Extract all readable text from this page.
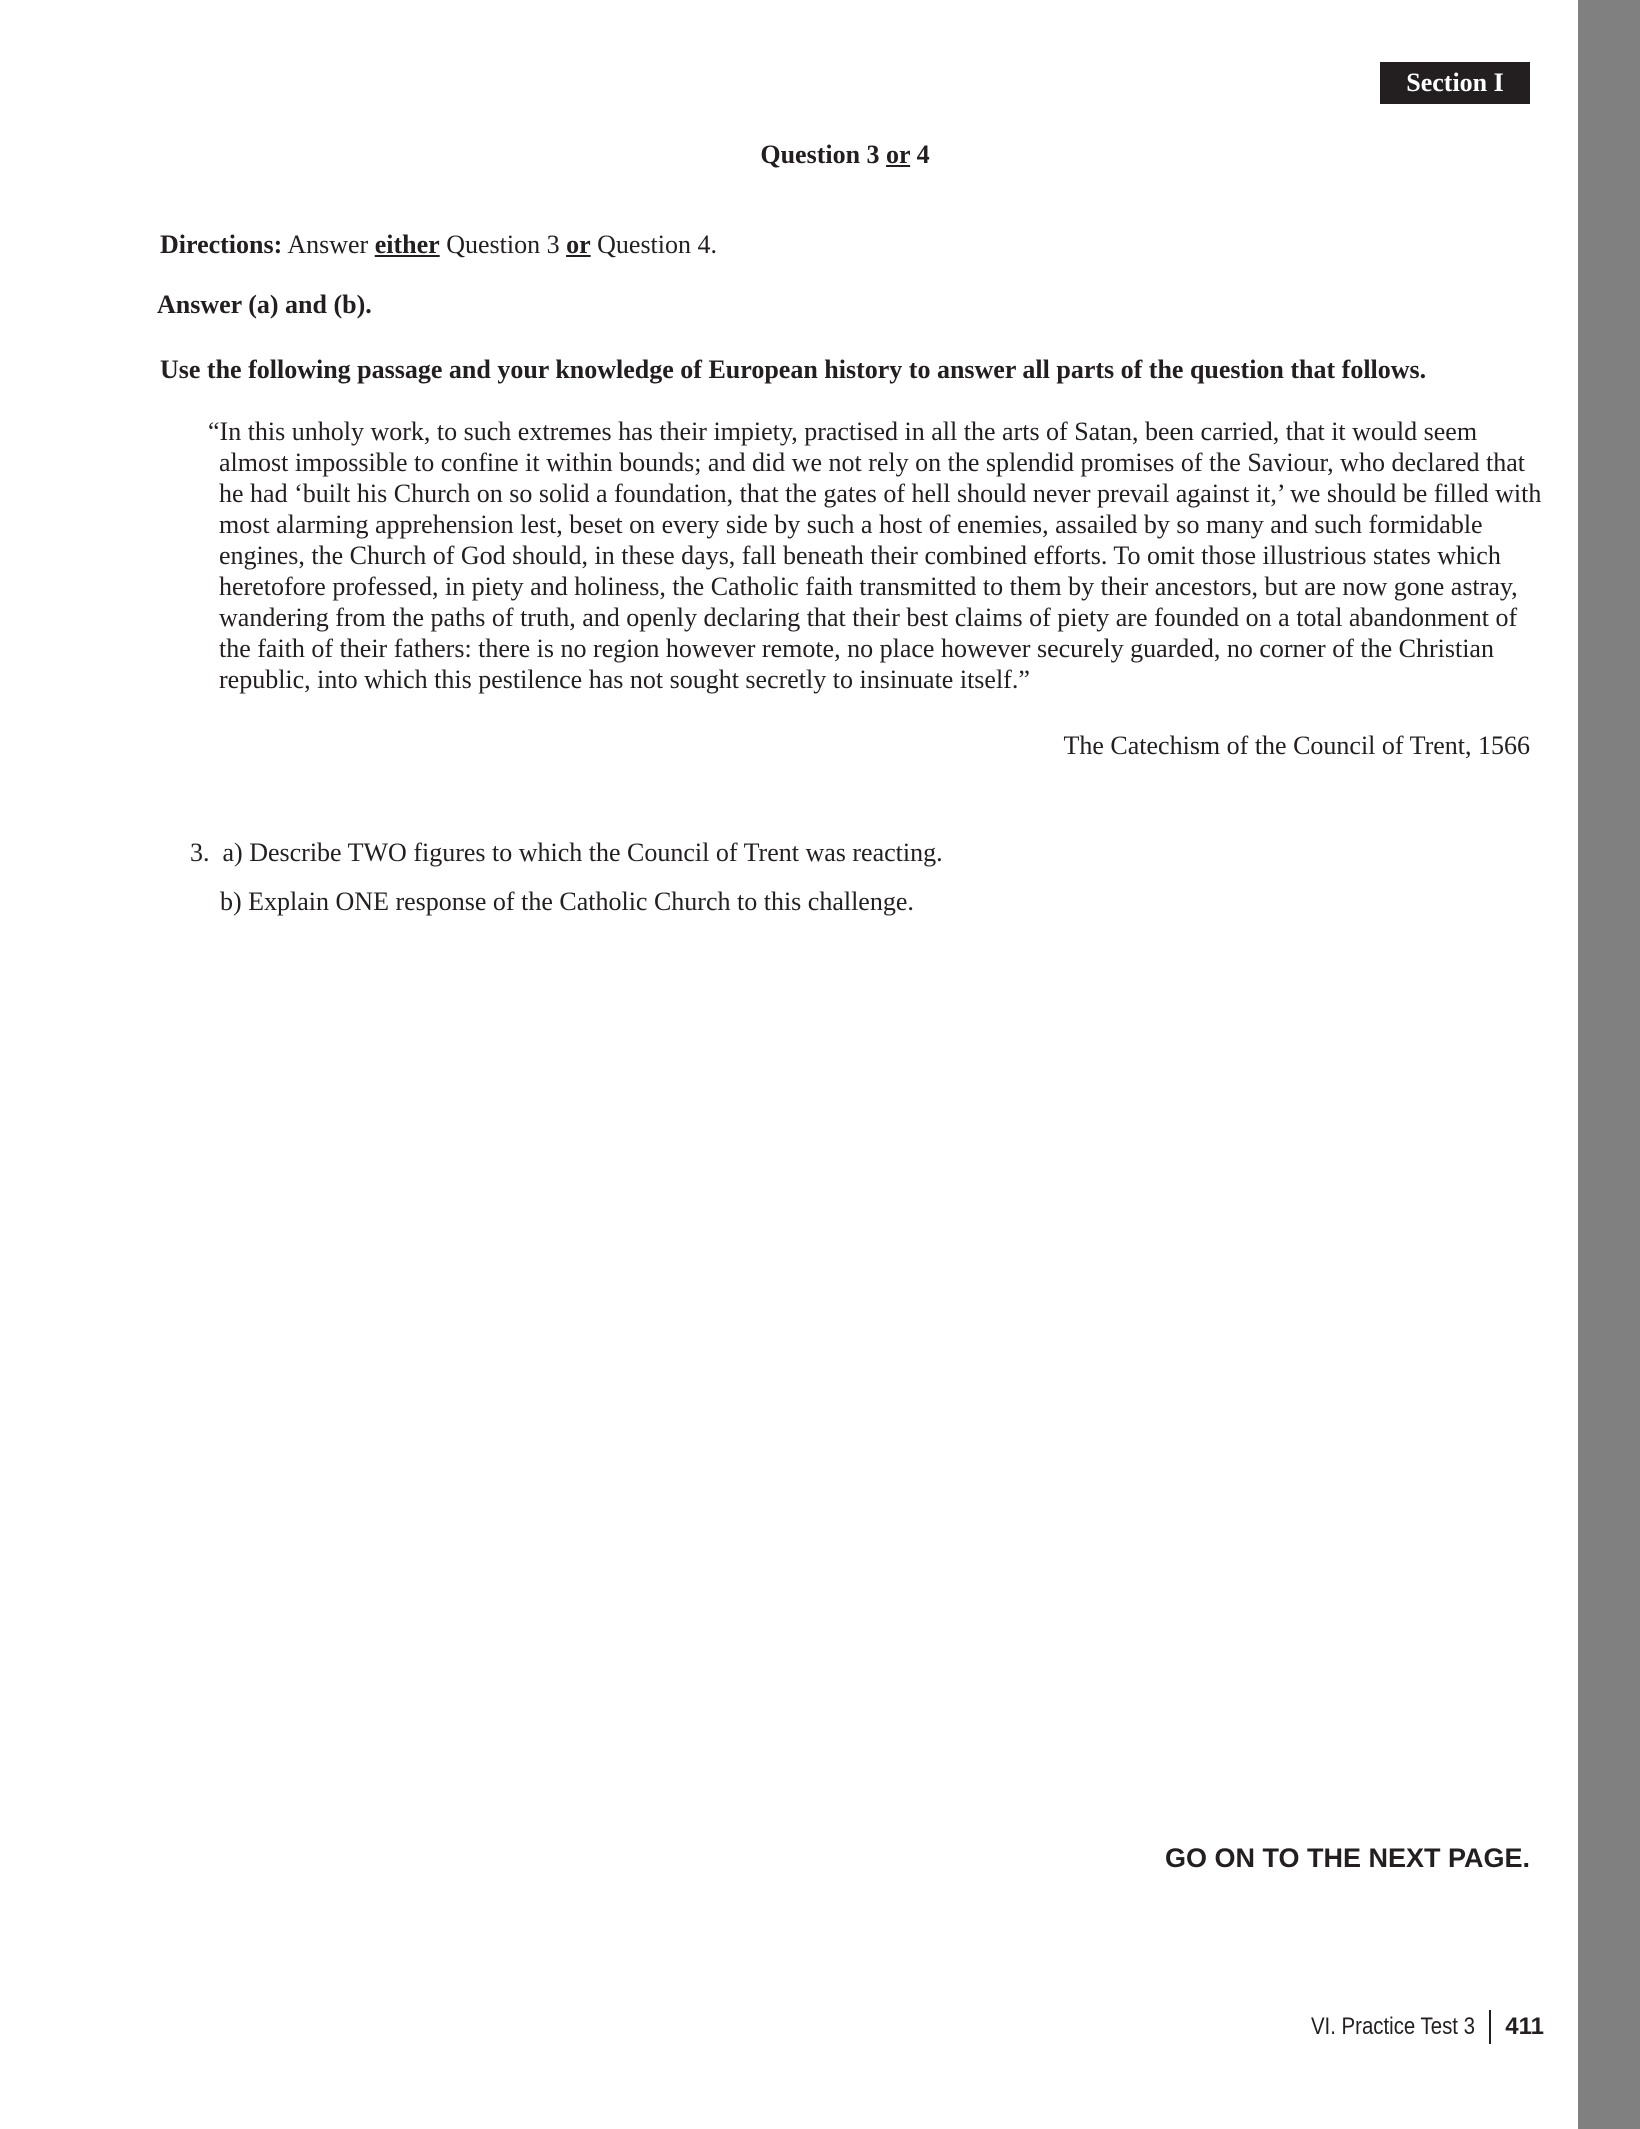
Section I
Question 3 or 4
Directions: Answer either Question 3 or Question 4.
Answer (a) and (b).
Use the following passage and your knowledge of European history to answer all parts of the question that follows.

“In this unholy work, to such extremes has their impiety, practised in all the arts of Satan, been carried, that it would seem almost impossible to confine it within bounds; and did we not rely on the splendid promises of the Saviour, who declared that he had ‘built his Church on so solid a foundation, that the gates of hell should never prevail against it,’ we should be filled with most alarming apprehension lest, beset on every side by such a host of enemies, assailed by so many and such formidable engines, the Church of God should, in these days, fall beneath their combined efforts. To omit those illustrious states which heretofore professed, in piety and holiness, the Catholic faith transmitted to them by their ancestors, but are now gone astray, wandering from the paths of truth, and openly declaring that their best claims of piety are founded on a total abandonment of the faith of their fathers: there is no region however remote, no place however securely guarded, no corner of the Christian republic, into which this pestilence has not sought secretly to insinuate itself.”

The Catechism of the Council of Trent, 1566
3. a) Describe TWO figures to which the Council of Trent was reacting.
b) Explain ONE response of the Catholic Church to this challenge.
GO ON TO THE NEXT PAGE.
VI. Practice Test 3 411
